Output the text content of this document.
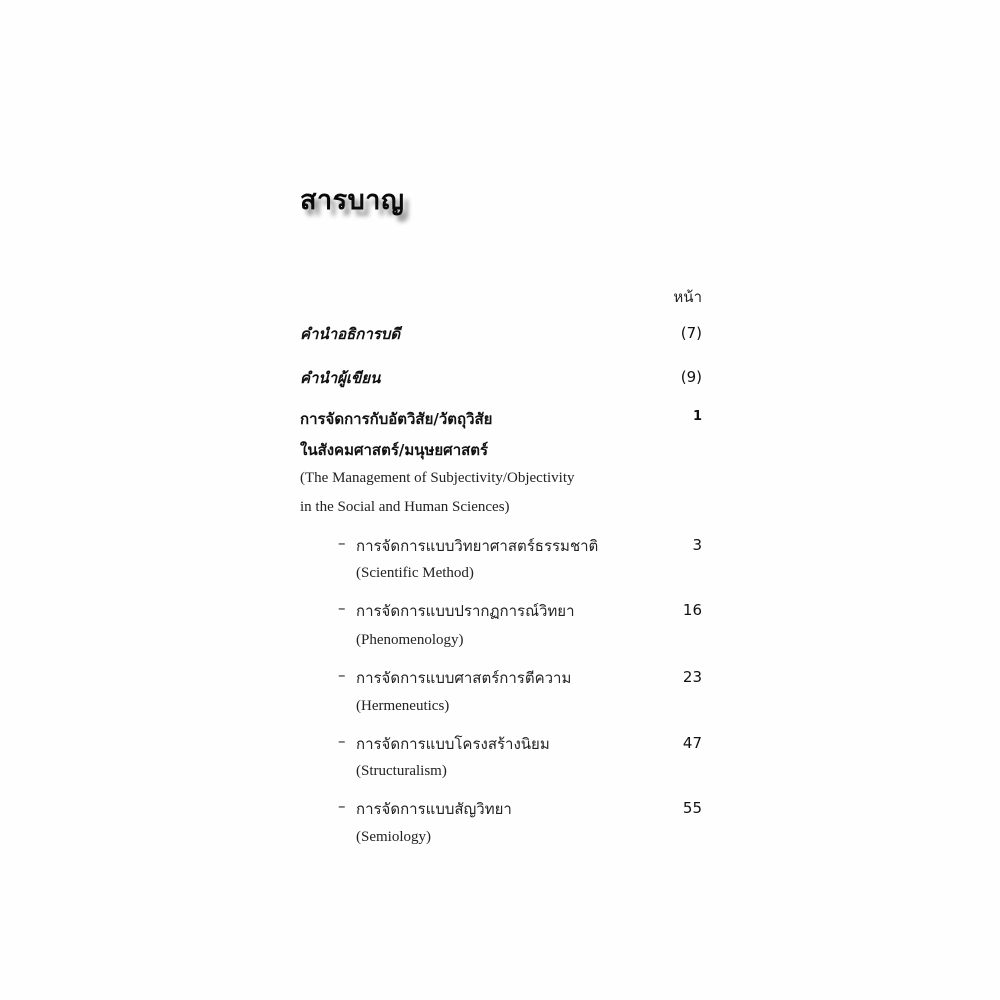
สารบาญ
หน้า
คำนำอธิการบดี	(7)
คำนำผู้เขียน	(9)
การจัดการกับอัตวิสัย/วัตถุวิสัย	1
ในสังคมศาสตร์/มนุษยศาสตร์
(The Management of Subjectivity/Objectivity
in the Social and Human Sciences)
– การจัดการแบบวิทยาศาสตร์ธรรมชาติ	3
(Scientific Method)
– การจัดการแบบปรากฏการณ์วิทยา	16
(Phenomenology)
– การจัดการแบบศาสตร์การตีความ	23
(Hermeneutics)
– การจัดการแบบโครงสร้างนิยม	47
(Structuralism)
– การจัดการแบบสัญวิทยา	55
(Semiology)
